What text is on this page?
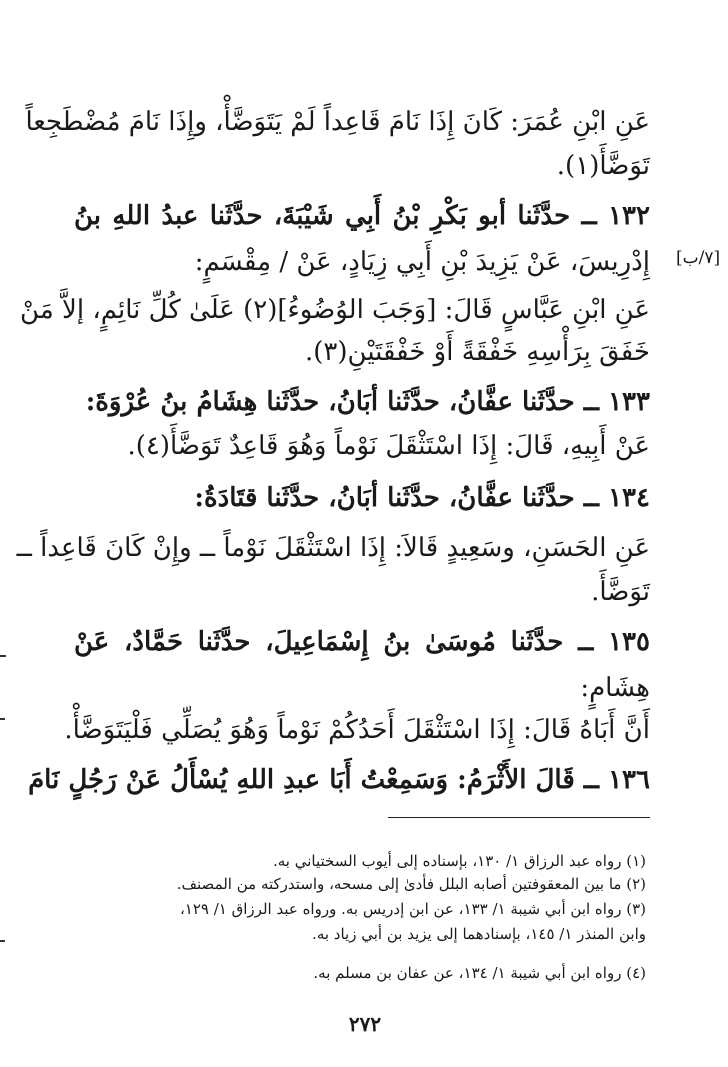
عَنِ ابْنِ عُمَرَ: كَانَ إِذَا نَامَ قَاعِداً لَمْ يَتَوَضَّأْ، وإِذَا نَامَ مُضْطَجِعاً
تَوَضَّأَ(١).
١٣٢ ــ حدَّثَنا أبو بَكْرِ بْنُ أَبِي شَيْبَةَ، حدَّثَنا عبدُ اللهِ بنُ
إِدْرِيسَ، عَنْ يَزِيدَ بْنِ أَبِي زِيَادٍ، عَنْ / مِقْسَمٍ:
عَنِ ابْنِ عَبَّاسٍ قَالَ: [وَجَبَ الوُضُوءُ](٢) عَلَىٰ كُلِّ نَائِمٍ، إلاَّ مَنْ
خَفَقَ بِرَأْسِهِ خَفْقَةً أَوْ خَفْقَتَيْنِ(٣).
١٣٣ ــ حدَّثَنا عفَّانُ، حدَّثَنا أبَانُ، حدَّثَنا هِشَامُ بنُ عُرْوَةَ:
عَنْ أَبِيهِ، قَالَ: إِذَا اسْتَثْقَلَ نَوْماً وَهُوَ قَاعِدٌ تَوَضَّأَ(٤).
١٣٤ ــ حدَّثَنا عفَّانُ، حدَّثَنا أبَانُ، حدَّثَنا قتَادَةُ:
عَنِ الحَسَنِ، وسَعِيدٍ قَالاَ: إِذَا اسْتَثْقَلَ نَوْماً ــ وإِنْ كَانَ قَاعِداً ــ
تَوَضَّأَ.
١٣٥ ــ حدَّثَنا مُوسَىٰ بنُ إِسْمَاعِيلَ، حدَّثَنا حَمَّادٌ، عَنْ
هِشَامٍ:
أَنَّ أَبَاهُ قَالَ: إِذَا اسْتَثْقَلَ أَحَدُكُمْ نَوْماً وَهُوَ يُصَلِّي فَلْيَتَوَضَّأْ.
١٣٦ ــ قَالَ الأَثْرَمُ: وَسَمِعْتُ أَبَا عبدِ اللهِ يُسْأَلُ عَنْ رَجُلٍ نَامَ
[٧/ب]
(١) رواه عبد الرزاق ١/ ١٣٠، بإسناده إلى أيوب السختياني به.
(٢) ما بين المعقوفتين أصابه البلل فأدىٰ إلى مسحه، واستدركته من المصنف.
(٣) رواه ابن أبي شيبة ١/ ١٣٣، عن ابن إدريس به. ورواه عبد الرزاق ١/ ١٢٩،
وابن المنذر ١/ ١٤٥، بإسنادهما إلى يزيد بن أبي زياد به.
(٤) رواه ابن أبي شيبة ١/ ١٣٤، عن عفان بن مسلم به.
٢٧٢
